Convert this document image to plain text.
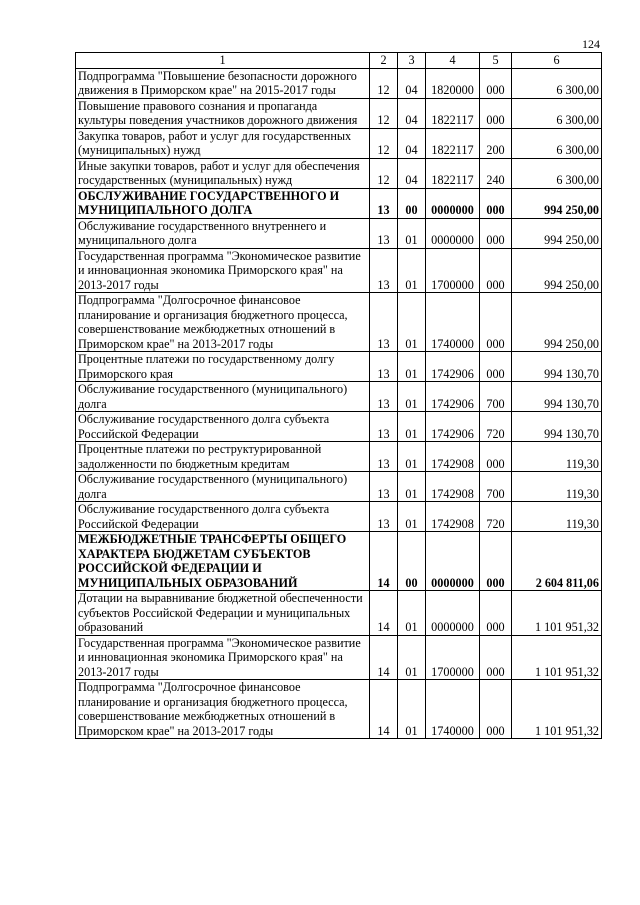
124
1	2	3	4	5	6
Подпрограмма "Повышение безопасности дорожного движения в Приморском крае" на 2015-2017 годы	12	04	1820000	000	6 300,00
Повышение правового сознания и пропаганда культуры поведения участников дорожного движения	12	04	1822117	000	6 300,00
Закупка товаров, работ и услуг для государственных (муниципальных) нужд	12	04	1822117	200	6 300,00
Иные закупки товаров, работ и услуг для обеспечения государственных (муниципальных) нужд	12	04	1822117	240	6 300,00
ОБСЛУЖИВАНИЕ ГОСУДАРСТВЕННОГО И МУНИЦИПАЛЬНОГО ДОЛГА	13	00	0000000	000	994 250,00
Обслуживание государственного внутреннего и муниципального долга	13	01	0000000	000	994 250,00
Государственная программа "Экономическое развитие и инновационная экономика Приморского края" на 2013-2017 годы	13	01	1700000	000	994 250,00
Подпрограмма "Долгосрочное финансовое планирование и организация бюджетного процесса, совершенствование межбюджетных отношений в Приморском крае" на 2013-2017 годы	13	01	1740000	000	994 250,00
Процентные платежи по государственному долгу Приморского края	13	01	1742906	000	994 130,70
Обслуживание государственного (муниципального) долга	13	01	1742906	700	994 130,70
Обслуживание государственного долга субъекта Российской Федерации	13	01	1742906	720	994 130,70
Процентные платежи по реструктурированной задолженности по бюджетным кредитам	13	01	1742908	000	119,30
Обслуживание государственного (муниципального) долга	13	01	1742908	700	119,30
Обслуживание государственного долга субъекта Российской Федерации	13	01	1742908	720	119,30
МЕЖБЮДЖЕТНЫЕ ТРАНСФЕРТЫ ОБЩЕГО ХАРАКТЕРА БЮДЖЕТАМ СУБЪЕКТОВ РОССИЙСКОЙ ФЕДЕРАЦИИ И МУНИЦИПАЛЬНЫХ ОБРАЗОВАНИЙ	14	00	0000000	000	2 604 811,06
Дотации на выравнивание бюджетной обеспеченности субъектов Российской Федерации и муниципальных образований	14	01	0000000	000	1 101 951,32
Государственная программа "Экономическое развитие и инновационная экономика Приморского края" на 2013-2017 годы	14	01	1700000	000	1 101 951,32
Подпрограмма "Долгосрочное финансовое планирование и организация бюджетного процесса, совершенствование межбюджетных отношений в Приморском крае" на 2013-2017 годы	14	01	1740000	000	1 101 951,32
